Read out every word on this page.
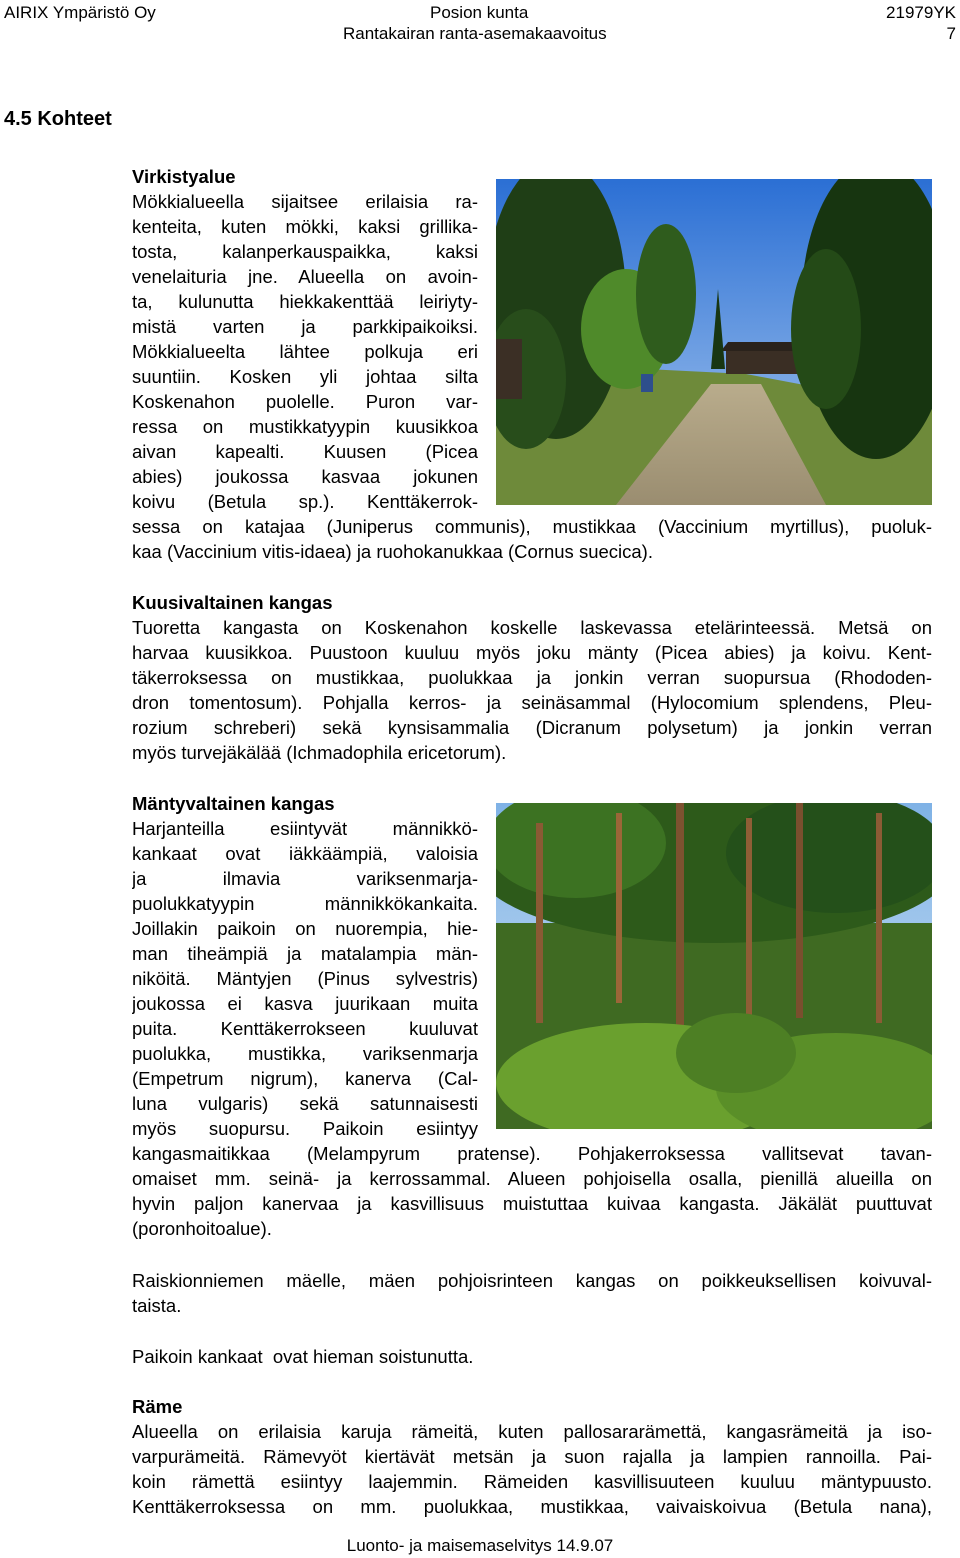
AIRIX Ympäristö Oy	Posion kunta
Rantakairan ranta-asemakaavoitus
21979YK
7
4.5 Kohteet
Virkistyalue
Mökkialueella sijaitsee erilaisia ra-
kenteita, kuten mökki, kaksi grillika-
tosta, kalanperkauspaikka, kaksi
venelaituria jne. Alueella on avoin-
ta, kulunutta hiekkakenttää leiriyty-
mistä varten ja parkkipaikoiksi.
Mökkialueelta lähtee polkuja eri
suuntiin. Kosken yli johtaa silta
Koskenahon puolelle. Puron var-
ressa on mustikkatyypin kuusikkoa
aivan kapealti. Kuusen (Picea
abies) joukossa kasvaa jokunen
koivu (Betula sp.). Kenttäkerrok-
sessa on katajaa (Juniperus communis), mustikkaa (Vaccinium myrtillus), puoluk-
kaa (Vaccinium vitis-idaea) ja ruohokanukkaa (Cornus suecica).
Kuusivaltainen kangas
Tuoretta kangasta on Koskenahon koskelle laskevassa etelärinteessä. Metsä on
harvaa kuusikkoa. Puustoon kuuluu myös joku mänty (Picea abies) ja koivu. Kent-
täkerroksessa on mustikkaa, puolukkaa ja jonkin verran suopursua (Rhododen-
dron tomentosum). Pohjalla kerros- ja seinäsammal (Hylocomium splendens, Pleu-
rozium schreberi) sekä kynsisammalia (Dicranum polysetum) ja jonkin verran
myös turvejäkälää (Ichmadophila ericetorum).
Mäntyvaltainen kangas
Harjanteilla esiintyvät männikkö-
kankaat ovat iäkkäämpiä, valoisia
ja ilmavia variksenmarja-
puolukkatyypin männikkökankaita.
Joillakin paikoin on nuorempia, hie-
man tiheämpiä ja matalampia män-
niköitä. Mäntyjen (Pinus sylvestris)
joukossa ei kasva juurikaan muita
puita. Kenttäkerrokseen kuuluvat
puolukka, mustikka, variksenmarja
(Empetrum nigrum), kanerva (Cal-
luna vulgaris) sekä satunnaisesti
myös suopursu. Paikoin esiintyy
kangasmaitikkaa (Melampyrum pratense). Pohjakerroksessa vallitsevat tavan-
omaiset mm. seinä- ja kerrossammal. Alueen pohjoisella osalla, pienillä alueilla on
hyvin paljon kanervaa ja kasvillisuus muistuttaa kuivaa kangasta. Jäkälät puuttuvat
(poronhoitoalue).
Raiskionniemen mäelle, mäen pohjoisrinteen kangas on poikkeuksellisen koivuval-
taista.
Paikoin kankaat  ovat hieman soistunutta.
Räme
Alueella on erilaisia karuja rämeitä, kuten pallosararämettä, kangasrämeitä ja iso-
varpurämeitä. Rämevyöt kiertävät metsän ja suon rajalla ja lampien rannoilla. Pai-
koin rämettä esiintyy laajemmin. Rämeiden kasvillisuuteen kuuluu mäntypuusto.
Kenttäkerroksessa on mm. puolukkaa, mustikkaa, vaivaiskoivua (Betula nana),
Luonto- ja maisemaselvitys 14.9.07
